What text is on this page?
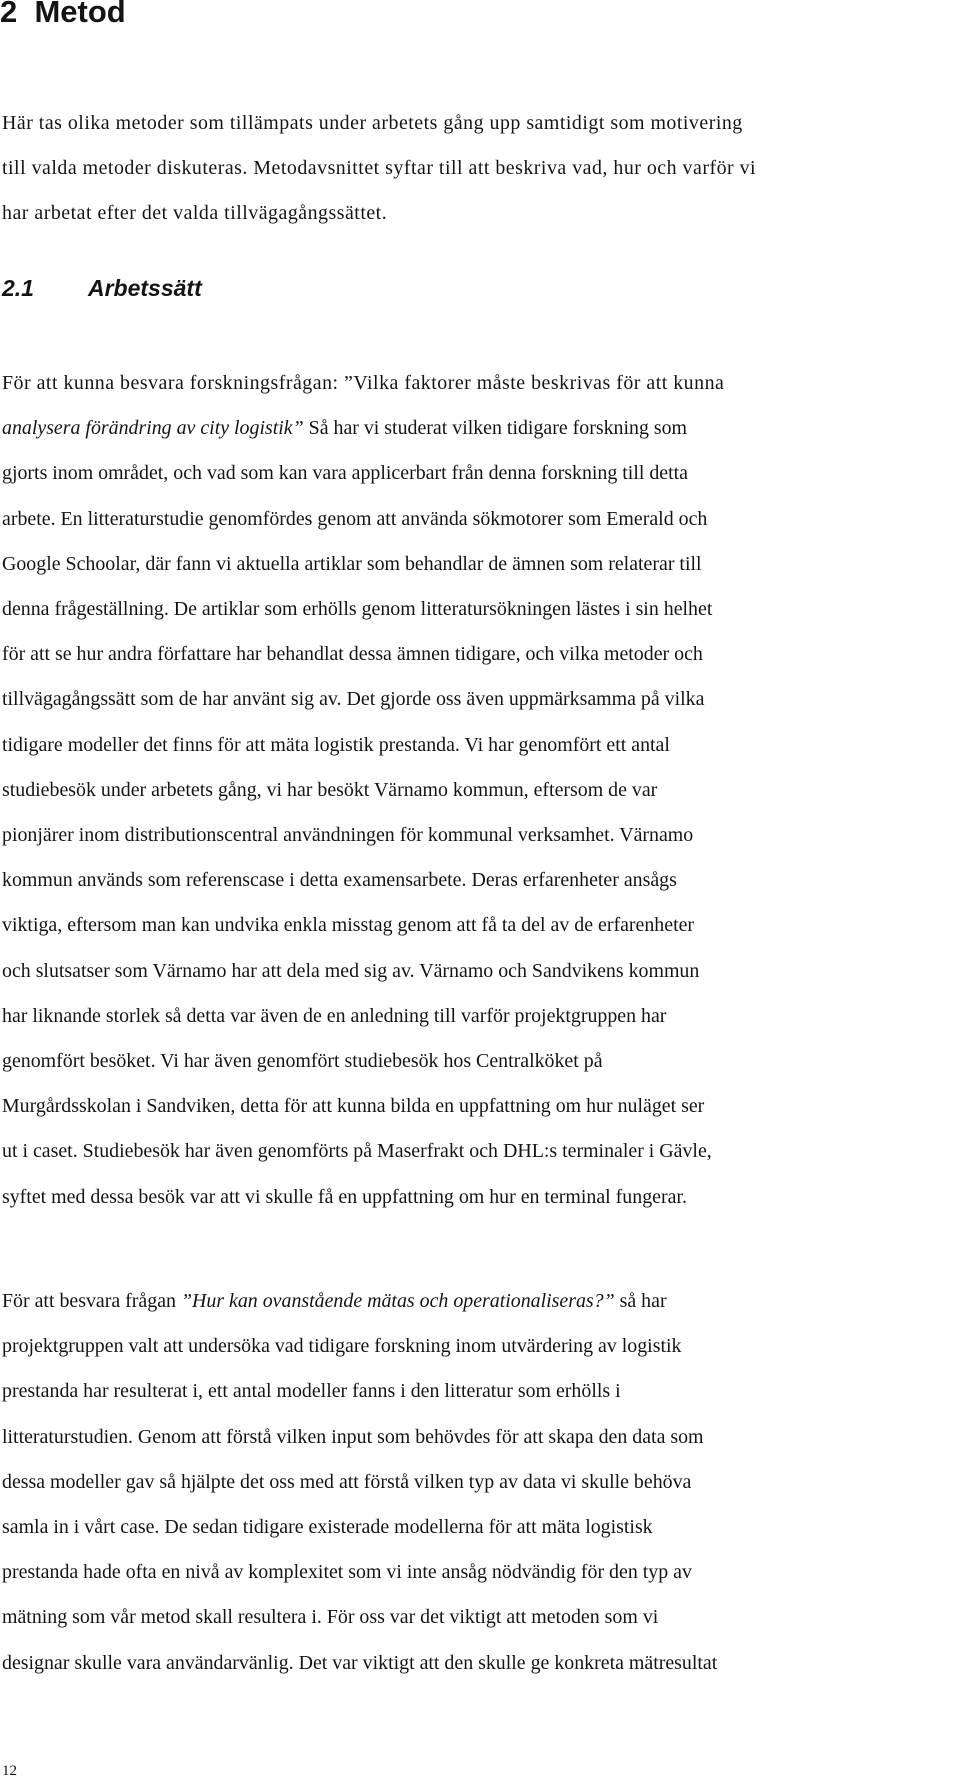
2 Metod
Här tas olika metoder som tillämpats under arbetets gång upp samtidigt som motivering
till valda metoder diskuteras. Metodavsnittet syftar till att beskriva vad, hur och varför vi
har arbetat efter det valda tillvägagångssättet.
2.1 Arbetssätt
För att kunna besvara forskningsfrågan: ”Vilka faktorer måste beskrivas för att kunna
analysera förändring av city logistik” Så har vi studerat vilken tidigare forskning som
gjorts inom området, och vad som kan vara applicerbart från denna forskning till detta
arbete. En litteraturstudie genomfördes genom att använda sökmotorer som Emerald och
Google Schoolar, där fann vi aktuella artiklar som behandlar de ämnen som relaterar till
denna frågeställning. De artiklar som erhölls genom litteratursökningen lästes i sin helhet
för att se hur andra författare har behandlat dessa ämnen tidigare, och vilka metoder och
tillvägagångssätt som de har använt sig av. Det gjorde oss även uppmärksamma på vilka
tidigare modeller det finns för att mäta logistik prestanda. Vi har genomfört ett antal
studiebesök under arbetets gång, vi har besökt Värnamo kommun, eftersom de var
pionjärer inom distributionscentral användningen för kommunal verksamhet. Värnamo
kommun används som referenscase i detta examensarbete. Deras erfarenheter ansågs
viktiga, eftersom man kan undvika enkla misstag genom att få ta del av de erfarenheter
och slutsatser som Värnamo har att dela med sig av. Värnamo och Sandvikens kommun
har liknande storlek så detta var även de en anledning till varför projektgruppen har
genomfört besöket. Vi har även genomfört studiebesök hos Centralköket på
Murgårdsskolan i Sandviken, detta för att kunna bilda en uppfattning om hur nuläget ser
ut i caset. Studiebesök har även genomförts på Maserfrakt och DHL:s terminaler i Gävle,
syftet med dessa besök var att vi skulle få en uppfattning om hur en terminal fungerar.
För att besvara frågan ”Hur kan ovanstående mätas och operationaliseras?” så har
projektgruppen valt att undersöka vad tidigare forskning inom utvärdering av logistik
prestanda har resulterat i, ett antal modeller fanns i den litteratur som erhölls i
litteraturstudien. Genom att förstå vilken input som behövdes för att skapa den data som
dessa modeller gav så hjälpte det oss med att förstå vilken typ av data vi skulle behöva
samla in i vårt case. De sedan tidigare existerade modellerna för att mäta logistisk
prestanda hade ofta en nivå av komplexitet som vi inte ansåg nödvändig för den typ av
mätning som vår metod skall resultera i. För oss var det viktigt att metoden som vi
designar skulle vara användarvänlig. Det var viktigt att den skulle ge konkreta mätresultat
12
